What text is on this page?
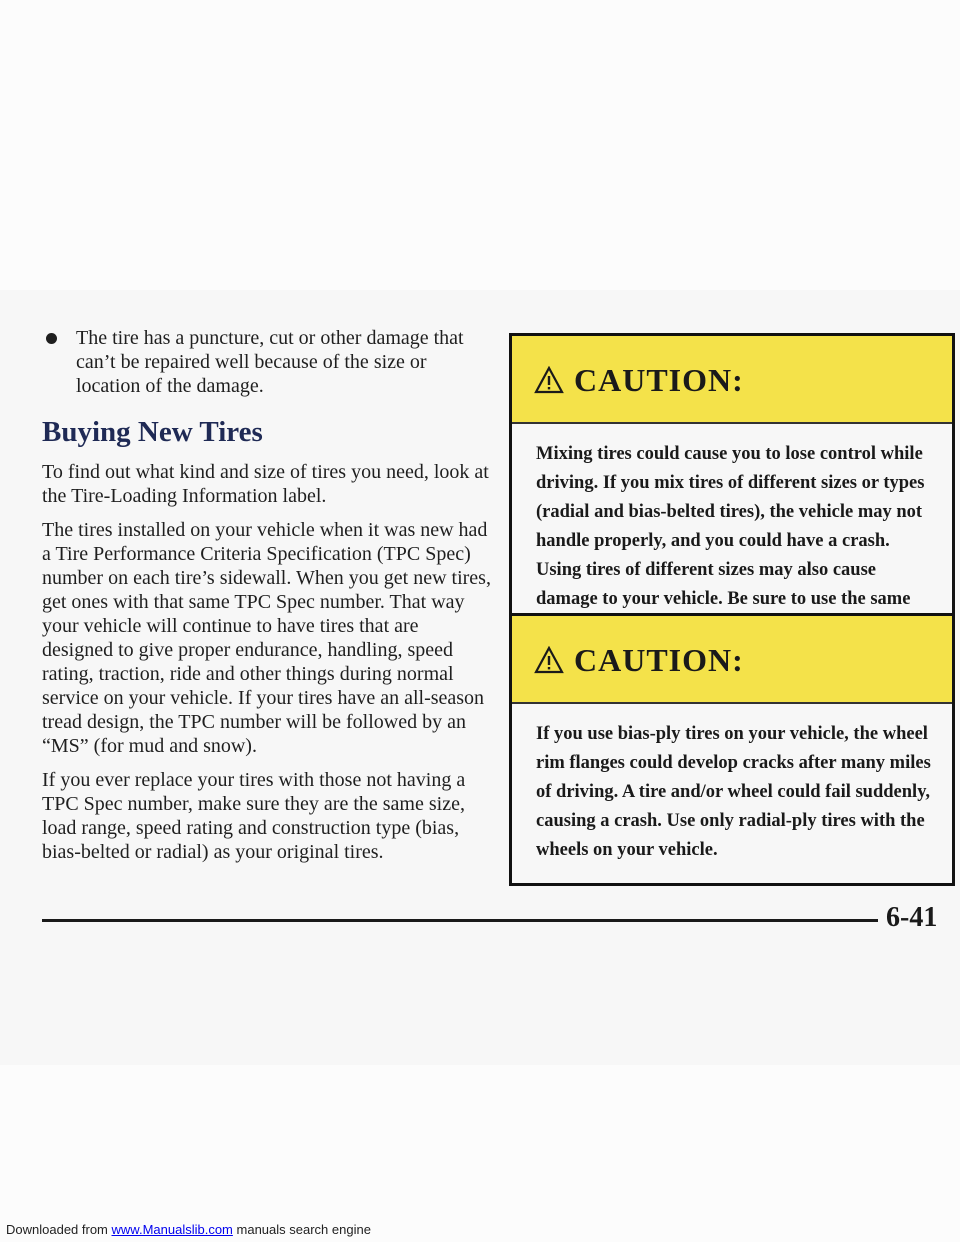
The tire has a puncture, cut or other damage that can’t be repaired well because of the size or location of the damage.
Buying New Tires

To find out what kind and size of tires you need, look at the Tire-Loading Information label.

The tires installed on your vehicle when it was new had a Tire Performance Criteria Specification (TPC Spec) number on each tire’s sidewall. When you get new tires, get ones with that same TPC Spec number. That way your vehicle will continue to have tires that are designed to give proper endurance, handling, speed rating, traction, ride and other things during normal service on your vehicle. If your tires have an all-season tread design, the TPC number will be followed by an “MS” (for mud and snow).

If you ever replace your tires with those not having a TPC Spec number, make sure they are the same size, load range, speed rating and construction type (bias, bias-belted or radial) as your original tires.

CAUTION:
Mixing tires could cause you to lose control while driving. If you mix tires of different sizes or types (radial and bias-belted tires), the vehicle may not handle properly, and you could have a crash. Using tires of different sizes may also cause damage to your vehicle. Be sure to use the same
CAUTION:
If you use bias-ply tires on your vehicle, the wheel rim flanges could develop cracks after many miles of driving. A tire and/or wheel could fail suddenly, causing a crash. Use only radial-ply tires with the wheels on your vehicle.
6-41
Downloaded from www.Manualslib.com manuals search engine
